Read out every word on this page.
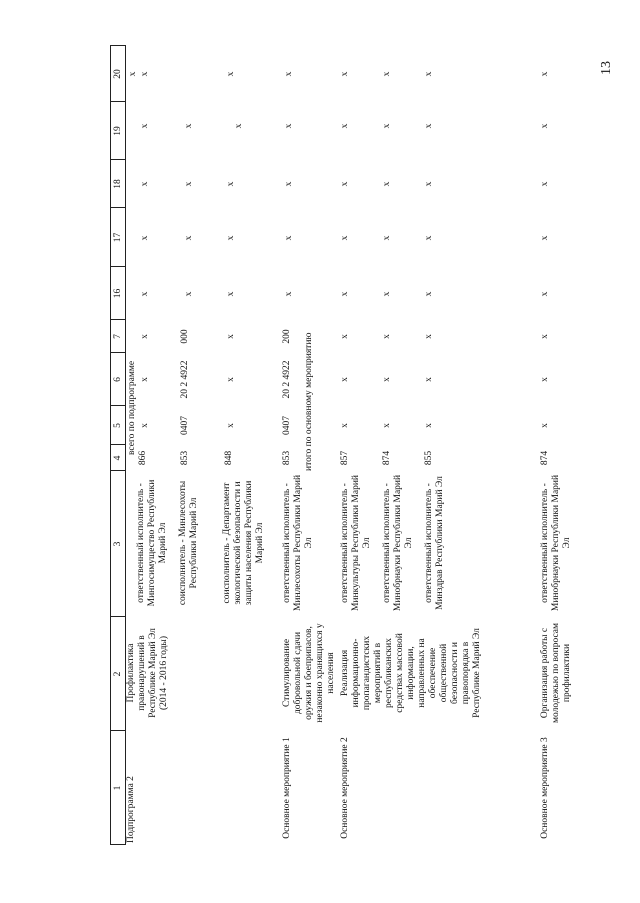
13
1
2
3
4
5
6
7
16
17
18
19
20
всего по подпрограмме	итого по основному мероприятию
Подпрограмма 2
Профилактика правонарушений в Республике Марий Эл (2014 - 2016 годы)
ответственный исполнитель - Мингосимущество Республики Марий Эл
866
х
х
х
х
х
х
х
х
соисполнитель - Минлесохоты Республики Марий Эл
853
0407
20 2 4922
000
х
х
х
х
х
соисполнитель - Департамент экологической безопасности и защиты населения Республики Марий Эл
848
х
х
х
х
х
х
х
х
Основное мероприятие 1
Стимулирование добровольной сдачи оружия и боеприпасов, незаконно хранящихся у населения
ответственный исполнитель - Минлесохоты Республики Марий Эл
853
0407
20 2 4922
200
х
х
х
х
х
Основное мероприятие 2
Реализация информационно-пропагандистских мероприятий в республиканских средствах массовой информации, направленных на обеспечение общественной безопасности и правопорядка в Республике Марий Эл
ответственный исполнитель - Минкультуры Республики Марий Эл
857
х
х
х
х
х
х
х
х
ответственный исполнитель - Минобрнауки Республики Марий Эл
874
х
х
х
х
х
х
х
х
ответственный исполнитель - Минздрав Республики Марий Эл
855
х
х
х
х
х
х
х
х
Основное мероприятие 3
Организация работы с молодежью по вопросам профилактики
ответственный исполнитель - Минобрнауки Республики Марий Эл
874
х
х
х
х
х
х
х
х
